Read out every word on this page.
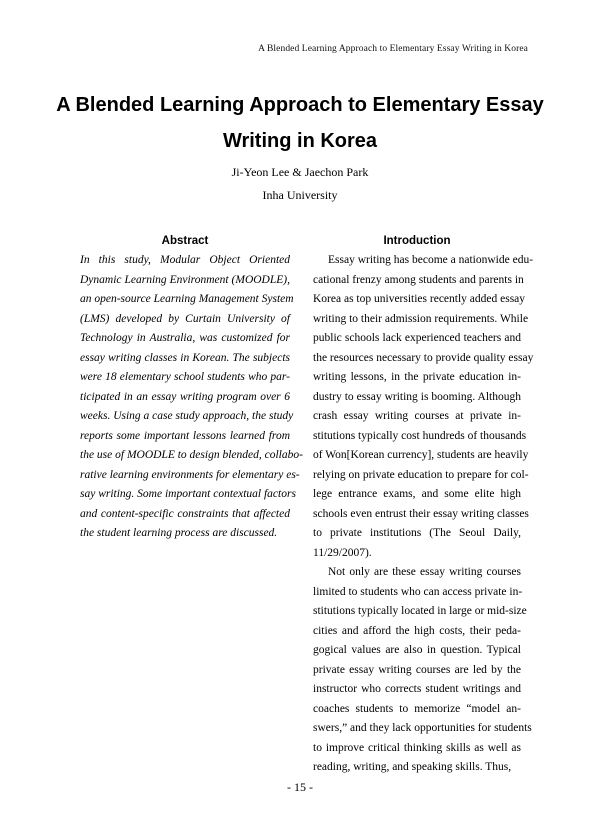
A Blended Learning Approach to Elementary Essay Writing in Korea
A Blended Learning Approach to Elementary Essay
Writing in Korea
Ji-Yeon Lee & Jaechon Park
Inha University
Abstract	Introduction
In this study, Modular Object Oriented
Dynamic Learning Environment (MOODLE),
an open-source Learning Management System
(LMS) developed by Curtain University of
Technology in Australia, was customized for
essay writing classes in Korean. The subjects
were 18 elementary school students who par-
ticipated in an essay writing program over 6
weeks. Using a case study approach, the study
reports some important lessons learned from
the use of MOODLE to design blended, collabo-
rative learning environments for elementary es-
say writing. Some important contextual factors
and content-specific constraints that affected
the student learning process are discussed.
Essay writing has become a nationwide edu-
cational frenzy among students and parents in
Korea as top universities recently added essay
writing to their admission requirements. While
public schools lack experienced teachers and
the resources necessary to provide quality essay
writing lessons, in the private education in-
dustry to essay writing is booming. Although
crash essay writing courses at private in-
stitutions typically cost hundreds of thousands
of Won[Korean currency], students are heavily
relying on private education to prepare for col-
lege entrance exams, and some elite high
schools even entrust their essay writing classes
to private institutions (The Seoul Daily,
11/29/2007).
Not only are these essay writing courses
limited to students who can access private in-
stitutions typically located in large or mid-size
cities and afford the high costs, their peda-
gogical values are also in question. Typical
private essay writing courses are led by the
instructor who corrects student writings and
coaches students to memorize “model an-
swers,” and they lack opportunities for students
to improve critical thinking skills as well as
reading, writing, and speaking skills. Thus,
- 15 -
